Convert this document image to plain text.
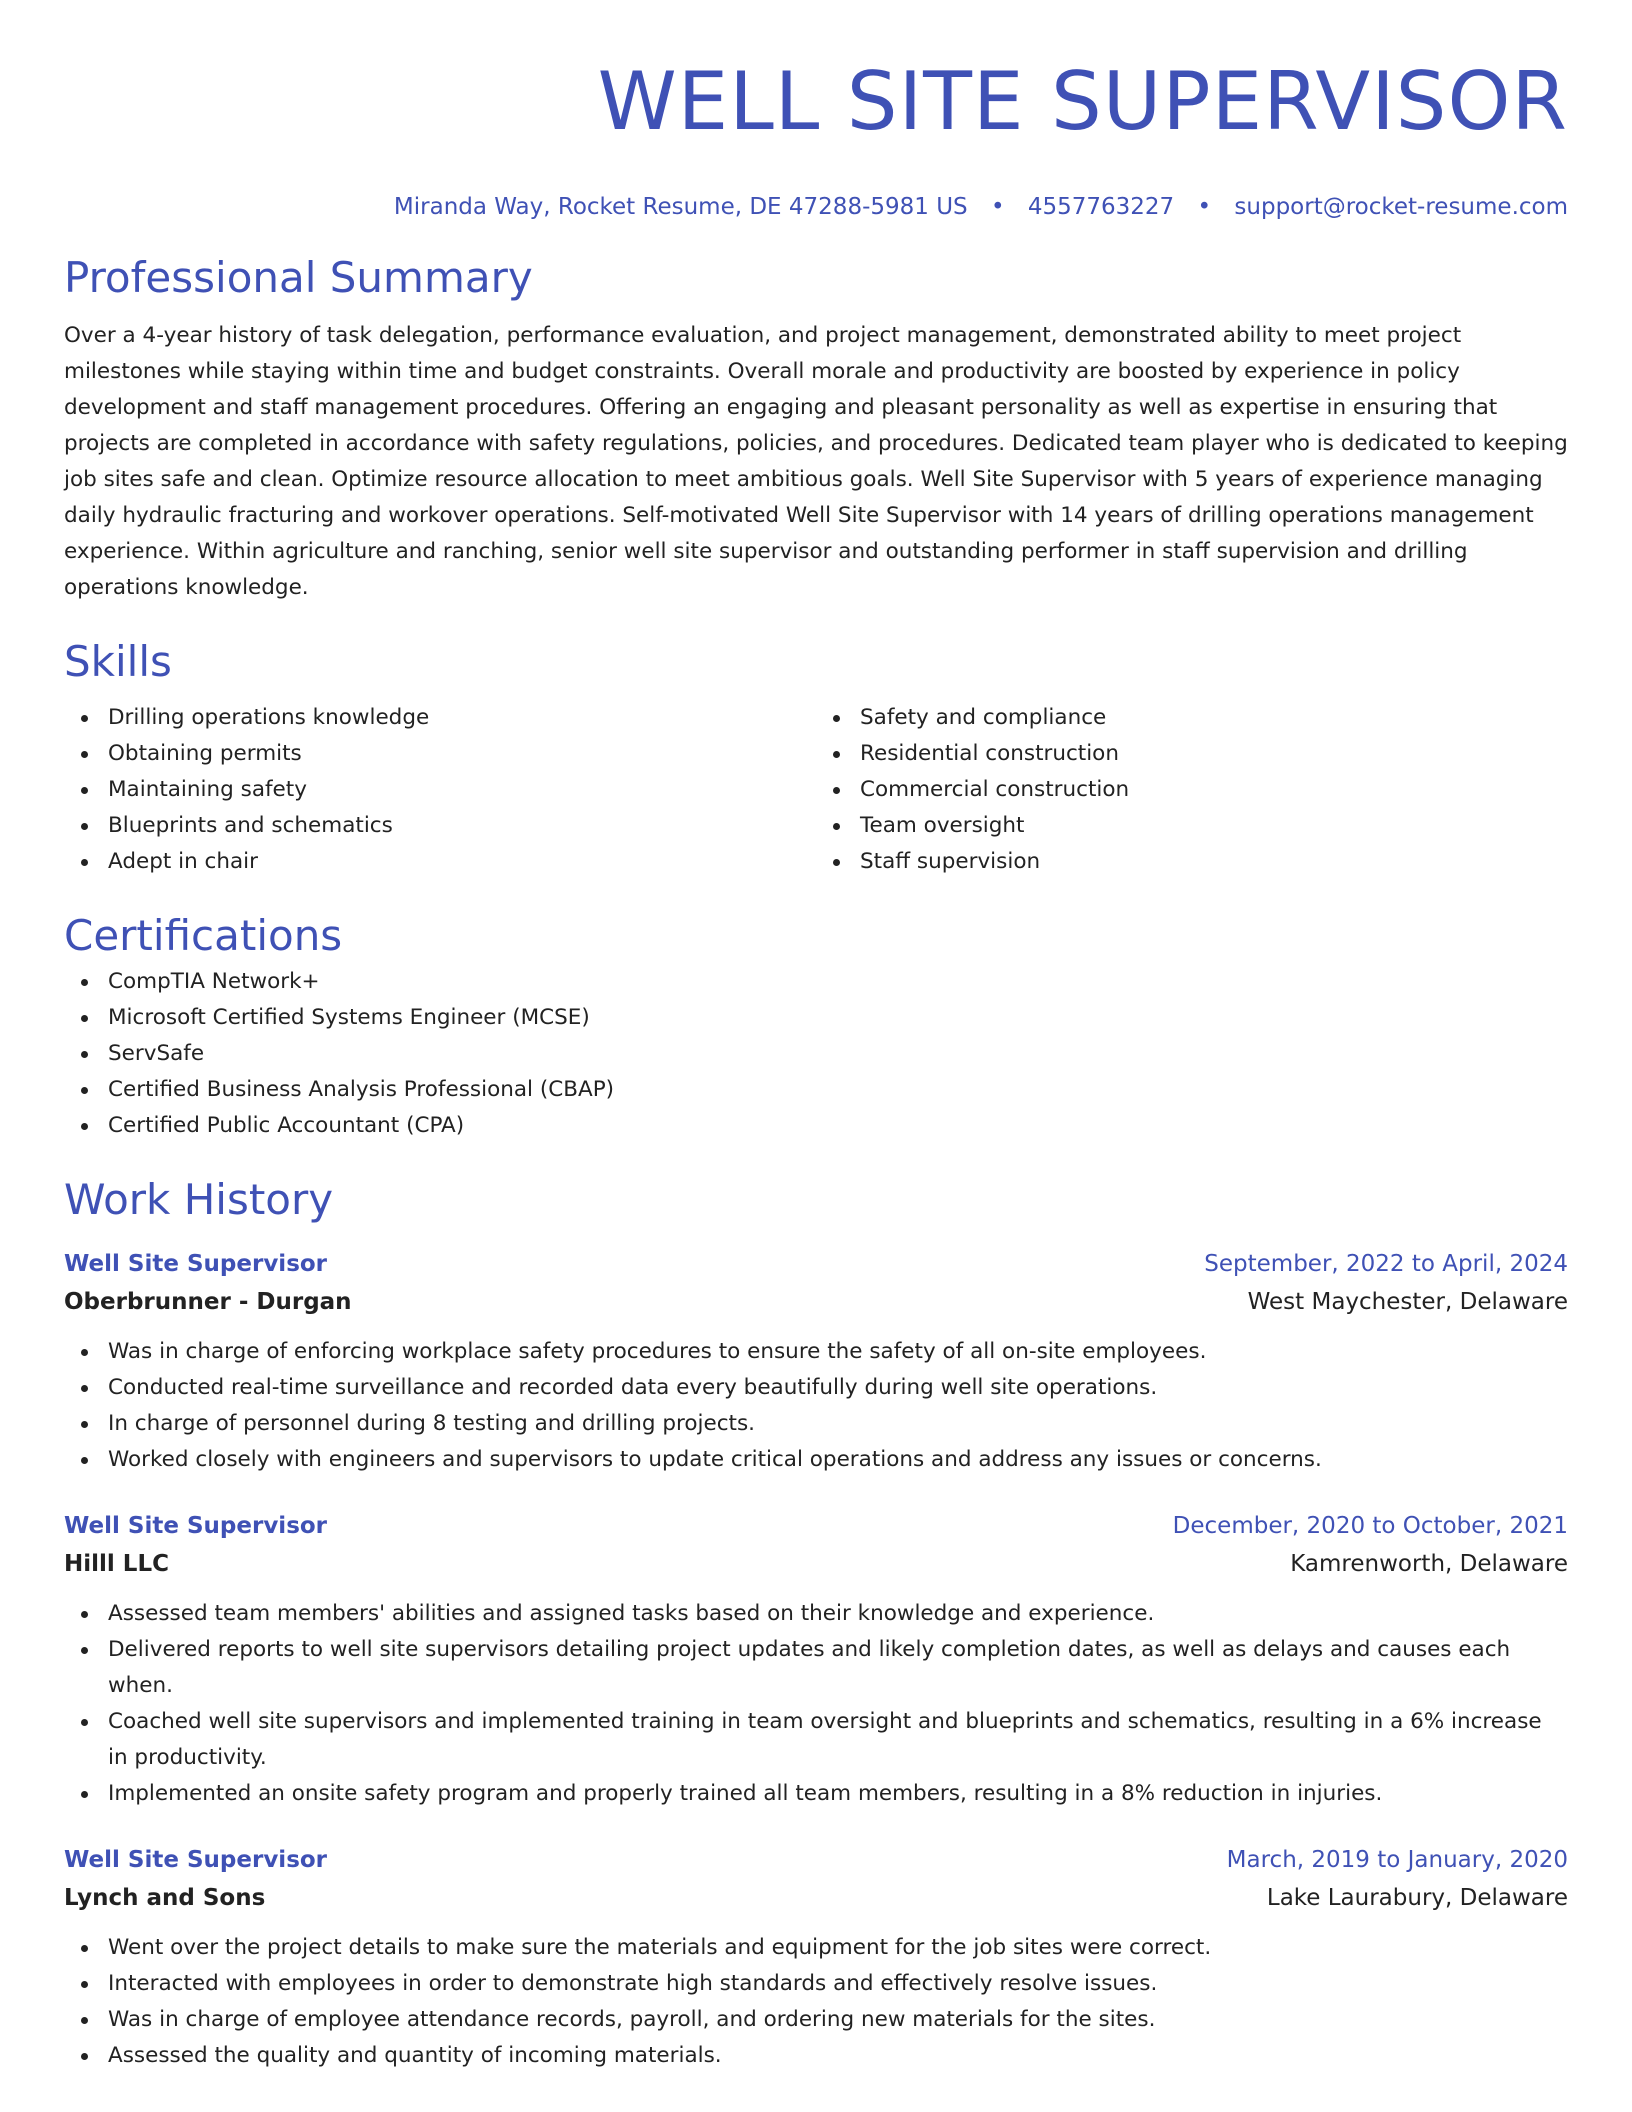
WELL SITE SUPERVISOR
Miranda Way, Rocket Resume, DE 47288-5981 US • 4557763227 • support@rocket-resume.com
Professional Summary

Over a 4-year history of task delegation, performance evaluation, and project management, demonstrated ability to meet project milestones while staying within time and budget constraints. Overall morale and productivity are boosted by experience in policy development and staff management procedures. Offering an engaging and pleasant personality as well as expertise in ensuring that projects are completed in accordance with safety regulations, policies, and procedures. Dedicated team player who is dedicated to keeping job sites safe and clean. Optimize resource allocation to meet ambitious goals. Well Site Supervisor with 5 years of experience managing daily hydraulic fracturing and workover operations. Self-motivated Well Site Supervisor with 14 years of drilling operations management experience. Within agriculture and ranching, senior well site supervisor and outstanding performer in staff supervision and drilling operations knowledge.

Skills
Drilling operations knowledge
Obtaining permits
Maintaining safety
Blueprints and schematics
Adept in chair
Safety and compliance
Residential construction
Commercial construction
Team oversight
Staff supervision
Certifications
CompTIA Network+
Microsoft Certified Systems Engineer (MCSE)
ServSafe
Certified Business Analysis Professional (CBAP)
Certified Public Accountant (CPA)
Work History
Well Site Supervisor	September, 2022 to April, 2024
Oberbrunner - Durgan	West Maychester, Delaware
Was in charge of enforcing workplace safety procedures to ensure the safety of all on-site employees.
Conducted real-time surveillance and recorded data every beautifully during well site operations.
In charge of personnel during 8 testing and drilling projects.
Worked closely with engineers and supervisors to update critical operations and address any issues or concerns.
Well Site Supervisor	December, 2020 to October, 2021
Hilll LLC	Kamrenworth, Delaware
Assessed team members' abilities and assigned tasks based on their knowledge and experience.
Delivered reports to well site supervisors detailing project updates and likely completion dates, as well as delays and causes each when.
Coached well site supervisors and implemented training in team oversight and blueprints and schematics, resulting in a 6% increase in productivity.
Implemented an onsite safety program and properly trained all team members, resulting in a 8% reduction in injuries.
Well Site Supervisor	March, 2019 to January, 2020
Lynch and Sons	Lake Laurabury, Delaware
Went over the project details to make sure the materials and equipment for the job sites were correct.
Interacted with employees in order to demonstrate high standards and effectively resolve issues.
Was in charge of employee attendance records, payroll, and ordering new materials for the sites.
Assessed the quality and quantity of incoming materials.
